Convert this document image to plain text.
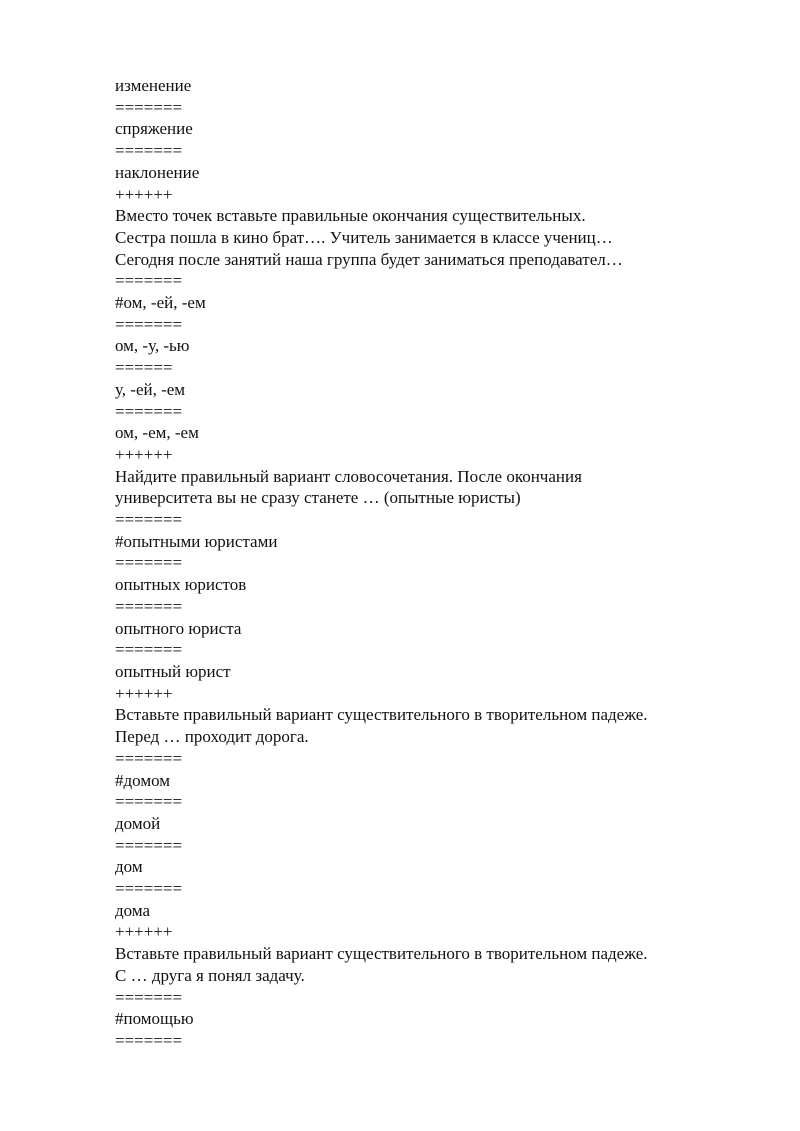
изменение
=======
спряжение
=======
наклонение
++++++
Вместо точек вставьте правильные окончания существительных.
Сестра пошла в кино брат…. Учитель занимается в классе учениц…
Сегодня после занятий наша группа будет заниматься преподавател…
=======
#ом, -ей, -ем
=======
ом, -у, -ью
======
у, -ей, -ем
=======
ом, -ем, -ем
++++++
Найдите правильный вариант словосочетания. После окончания
университета вы не сразу станете … (опытные юристы)
=======
#опытными юристами
=======
опытных юристов
=======
опытного юриста
=======
опытный юрист
++++++
Вставьте правильный вариант существительного в творительном падеже.
Перед … проходит дорога.
=======
#домом
=======
домой
=======
дом
=======
дома
++++++
Вставьте правильный вариант существительного в творительном падеже.
С … друга я понял задачу.
=======
#помощью
=======
